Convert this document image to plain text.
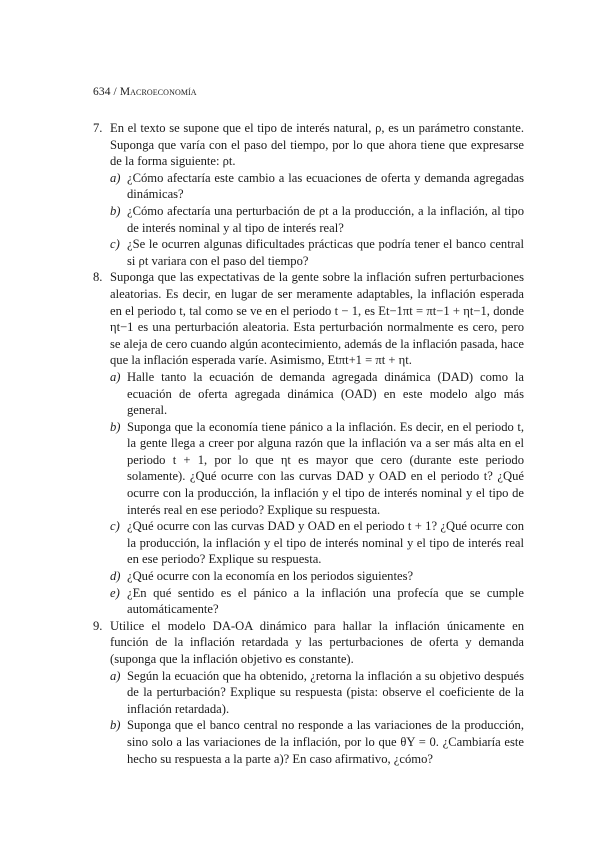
634 / Macroeconomía
7. En el texto se supone que el tipo de interés natural, ρ, es un parámetro constante. Suponga que varía con el paso del tiempo, por lo que ahora tiene que expresarse de la forma siguiente: ρt.

a) ¿Cómo afectaría este cambio a las ecuaciones de oferta y demanda agregadas dinámicas?

b) ¿Cómo afectaría una perturbación de ρt a la producción, a la inflación, al tipo de interés nominal y al tipo de interés real?

c) ¿Se le ocurren algunas dificultades prácticas que podría tener el banco central si ρt variara con el paso del tiempo?

8. Suponga que las expectativas de la gente sobre la inflación sufren perturbaciones aleatorias. Es decir, en lugar de ser meramente adaptables, la inflación esperada en el periodo t, tal como se ve en el periodo t − 1, es Et−1πt = πt−1 + ηt−1, donde ηt−1 es una perturbación aleatoria. Esta perturbación normalmente es cero, pero se aleja de cero cuando algún acontecimiento, además de la inflación pasada, hace que la inflación esperada varíe. Asimismo, Etπt+1 = πt + ηt.

a) Halle tanto la ecuación de demanda agregada dinámica (DAD) como la ecuación de oferta agregada dinámica (OAD) en este modelo algo más general.

b) Suponga que la economía tiene pánico a la inflación. Es decir, en el periodo t, la gente llega a creer por alguna razón que la inflación va a ser más alta en el periodo t + 1, por lo que ηt es mayor que cero (durante este periodo solamente). ¿Qué ocurre con las curvas DAD y OAD en el periodo t? ¿Qué ocurre con la producción, la inflación y el tipo de interés nominal y el tipo de interés real en ese periodo? Explique su respuesta.

c) ¿Qué ocurre con las curvas DAD y OAD en el periodo t + 1? ¿Qué ocurre con la producción, la inflación y el tipo de interés nominal y el tipo de interés real en ese periodo? Explique su respuesta.

d) ¿Qué ocurre con la economía en los periodos siguientes?

e) ¿En qué sentido es el pánico a la inflación una profecía que se cumple automáticamente?

9. Utilice el modelo DA-OA dinámico para hallar la inflación únicamente en función de la inflación retardada y las perturbaciones de oferta y demanda (suponga que la inflación objetivo es constante).

a) Según la ecuación que ha obtenido, ¿retorna la inflación a su objetivo después de la perturbación? Explique su respuesta (pista: observe el coeficiente de la inflación retardada).

b) Suponga que el banco central no responde a las variaciones de la producción, sino solo a las variaciones de la inflación, por lo que θY = 0. ¿Cambiaría este hecho su respuesta a la parte a)? En caso afirmativo, ¿cómo?
